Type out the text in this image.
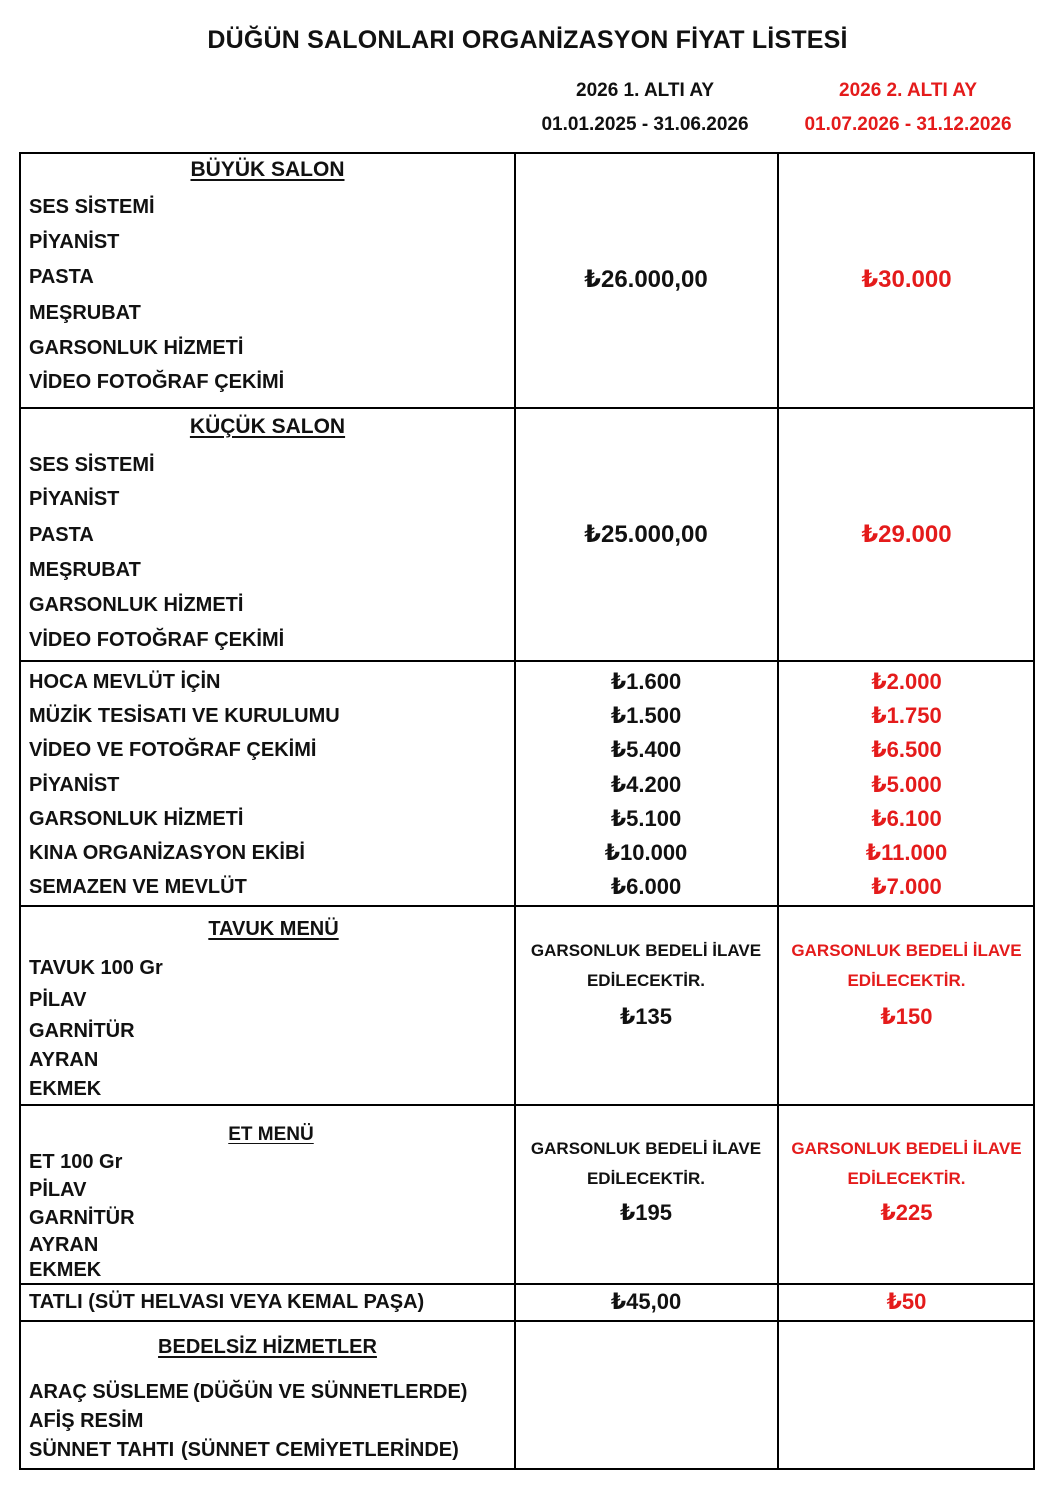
DÜĞÜN SALONLARI ORGANİZASYON FİYAT LİSTESİ
2026 1. ALTI AY
01.01.2025 - 31.06.2026
2026 2. ALTI AY
01.07.2026 - 31.12.2026
BÜYÜK SALON
SES SİSTEMİ
PİYANİST
PASTA
MEŞRUBAT
GARSONLUK HİZMETİ
VİDEO FOTOĞRAF ÇEKİMİ
₺26.000,00	₺30.000
KÜÇÜK SALON
SES SİSTEMİ
PİYANİST
PASTA
MEŞRUBAT
GARSONLUK HİZMETİ
VİDEO FOTOĞRAF ÇEKİMİ
₺25.000,00	₺29.000
HOCA MEVLÜT İÇİN	₺1.600	₺2.000
MÜZİK TESİSATI VE KURULUMU	₺1.500	₺1.750
VİDEO VE FOTOĞRAF ÇEKİMİ	₺5.400	₺6.500
PİYANİST	₺4.200	₺5.000
GARSONLUK HİZMETİ	₺5.100	₺6.100
KINA ORGANİZASYON EKİBİ	₺10.000	₺11.000
SEMAZEN VE MEVLÜT	₺6.000	₺7.000
TAVUK MENÜ
TAVUK 100 Gr
PİLAV
GARNİTÜR
AYRAN
EKMEK
GARSONLUK BEDELİ İLAVE
EDİLECEKTİR.
₺135
GARSONLUK BEDELİ İLAVE
EDİLECEKTİR.
₺150
ET MENÜ
ET 100 Gr
PİLAV
GARNİTÜR
AYRAN
EKMEK
GARSONLUK BEDELİ İLAVE
EDİLECEKTİR.
₺195
GARSONLUK BEDELİ İLAVE
EDİLECEKTİR.
₺225
TATLI (SÜT HELVASI VEYA KEMAL PAŞA)	₺45,00	₺50
BEDELSİZ HİZMETLER
ARAÇ SÜSLEME (DÜĞÜN VE SÜNNETLERDE)
AFİŞ RESİM
SÜNNET TAHTI (SÜNNET CEMİYETLERİNDE)
